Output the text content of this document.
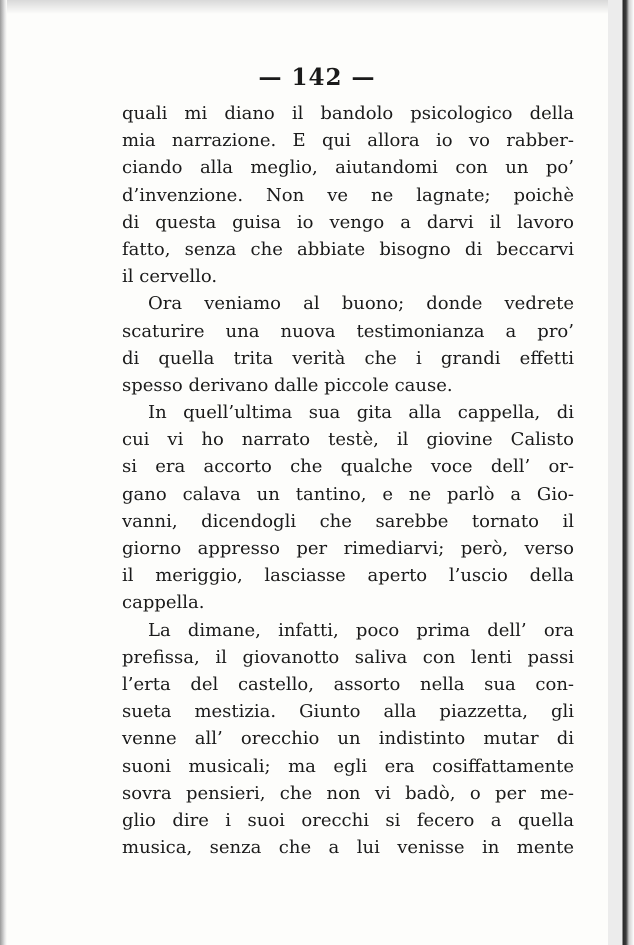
— 142 —
quali mi diano il bandolo psicologico della
mia narrazione. E qui allora io vo rabber-
ciando alla meglio, aiutandomi con un po’
d’invenzione. Non ve ne lagnate; poichè
di questa guisa io vengo a darvi il lavoro
fatto, senza che abbiate bisogno di beccarvi
il cervello.
Ora veniamo al buono; donde vedrete
scaturire una nuova testimonianza a pro’
di quella trita verità che i grandi effetti
spesso derivano dalle piccole cause.
In quell’ultima sua gita alla cappella, di
cui vi ho narrato testè, il giovine Calisto
si era accorto che qualche voce dell’ or-
gano calava un tantino, e ne parlò a Gio-
vanni, dicendogli che sarebbe tornato il
giorno appresso per rimediarvi; però, verso
il meriggio, lasciasse aperto l’uscio della
cappella.
La dimane, infatti, poco prima dell’ ora
prefissa, il giovanotto saliva con lenti passi
l’erta del castello, assorto nella sua con-
sueta mestizia. Giunto alla piazzetta, gli
venne all’ orecchio un indistinto mutar di
suoni musicali; ma egli era cosiffattamente
sovra pensieri, che non vi badò, o per me-
glio dire i suoi orecchi si fecero a quella
musica, senza che a lui venisse in mente
